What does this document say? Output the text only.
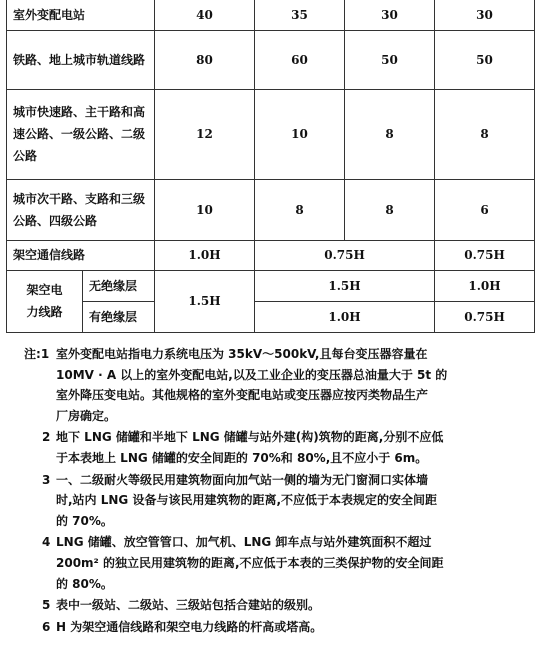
室外变配电站		40	35	30	30
铁路、地上城市轨道线路		80	60	50	50
城市快速路、主干路和高速公路、一级公路、二级公路		12	10	8	8
城市次干路、支路和三级公路、四级公路		10	8	8	6
架空通信线路		1.0H	0.75H		0.75H
架空电力线路	无绝缘层	1.5H	1.5H		1.0H
	有绝缘层		1.0H		0.75H
注:1 室外变配电站指电力系统电压为 35kV～500kV,且每台变压器容量在
10MV · A 以上的室外变配电站,以及工业企业的变压器总油量大于 5t 的
室外降压变电站。其他规格的室外变配电站或变压器应按丙类物品生产
厂房确定。
2 地下 LNG 储罐和半地下 LNG 储罐与站外建(构)筑物的距离,分别不应低
于本表地上 LNG 储罐的安全间距的 70%和 80%,且不应小于 6m。
3 一、二级耐火等级民用建筑物面向加气站一侧的墙为无门窗洞口实体墙
时,站内 LNG 设备与该民用建筑物的距离,不应低于本表规定的安全间距
的 70%。
4 LNG 储罐、放空管管口、加气机、LNG 卸车点与站外建筑面积不超过
200m² 的独立民用建筑物的距离,不应低于本表的三类保护物的安全间距
的 80%。
5 表中一级站、二级站、三级站包括合建站的级别。
6 H 为架空通信线路和架空电力线路的杆高或塔高。
